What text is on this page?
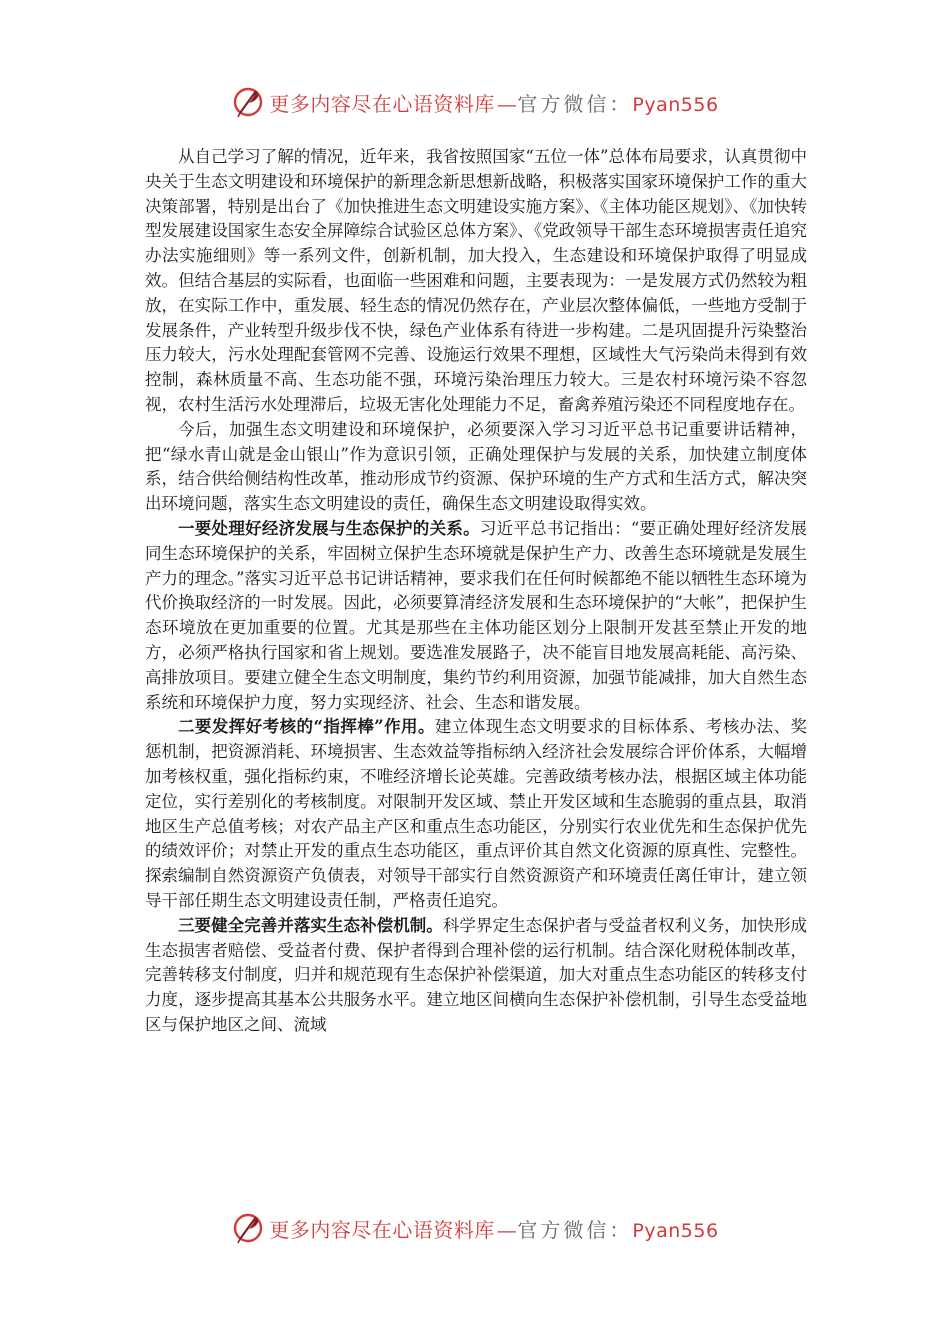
更多内容尽在心语资料库 —官方微信：Pyan556

从自己学习了解的情况，近年来，我省按照国家“五位一体”总体布局要求，认真贯彻中央关于生态文明建设和环境保护的新理念新思想新战略，积极落实国家环境保护工作的重大决策部署，特别是出台了《加快推进生态文明建设实施方案》、《主体功能区规划》、《加快转型发展建设国家生态安全屏障综合试验区总体方案》、《党政领导干部生态环境损害责任追究办法实施细则》等一系列文件，创新机制，加大投入，生态建设和环境保护取得了明显成效。但结合基层的实际看，也面临一些困难和问题，主要表现为：一是发展方式仍然较为粗放，在实际工作中，重发展、轻生态的情况仍然存在，产业层次整体偏低，一些地方受制于发展条件，产业转型升级步伐不快，绿色产业体系有待进一步构建。二是巩固提升污染整治压力较大，污水处理配套管网不完善、设施运行效果不理想，区域性大气污染尚未得到有效控制，森林质量不高、生态功能不强，环境污染治理压力较大。三是农村环境污染不容忽视，农村生活污水处理滞后，垃圾无害化处理能力不足，畜禽养殖污染还不同程度地存在。

今后，加强生态文明建设和环境保护，必须要深入学习习近平总书记重要讲话精神，把“绿水青山就是金山银山”作为意识引领，正确处理保护与发展的关系，加快建立制度体系，结合供给侧结构性改革，推动形成节约资源、保护环境的生产方式和生活方式，解决突出环境问题，落实生态文明建设的责任，确保生态文明建设取得实效。

一要处理好经济发展与生态保护的关系。习近平总书记指出：“要正确处理好经济发展同生态环境保护的关系，牢固树立保护生态环境就是保护生产力、改善生态环境就是发展生产力的理念。”落实习近平总书记讲话精神，要求我们在任何时候都绝不能以牺牲生态环境为代价换取经济的一时发展。因此，必须要算清经济发展和生态环境保护的“大帐”，把保护生态环境放在更加重要的位置。尤其是那些在主体功能区划分上限制开发甚至禁止开发的地方，必须严格执行国家和省上规划。要选准发展路子，决不能盲目地发展高耗能、高污染、高排放项目。要建立健全生态文明制度，集约节约利用资源，加强节能减排，加大自然生态系统和环境保护力度，努力实现经济、社会、生态和谐发展。

二要发挥好考核的“指挥棒”作用。建立体现生态文明要求的目标体系、考核办法、奖惩机制，把资源消耗、环境损害、生态效益等指标纳入经济社会发展综合评价体系，大幅增加考核权重，强化指标约束，不唯经济增长论英雄。完善政绩考核办法，根据区域主体功能定位，实行差别化的考核制度。对限制开发区域、禁止开发区域和生态脆弱的重点县，取消地区生产总值考核；对农产品主产区和重点生态功能区，分别实行农业优先和生态保护优先的绩效评价；对禁止开发的重点生态功能区，重点评价其自然文化资源的原真性、完整性。探索编制自然资源资产负债表，对领导干部实行自然资源资产和环境责任离任审计，建立领导干部任期生态文明建设责任制，严格责任追究。

三要健全完善并落实生态补偿机制。科学界定生态保护者与受益者权利义务，加快形成生态损害者赔偿、受益者付费、保护者得到合理补偿的运行机制。结合深化财税体制改革，完善转移支付制度，归并和规范现有生态保护补偿渠道，加大对重点生态功能区的转移支付力度，逐步提高其基本公共服务水平。建立地区间横向生态保护补偿机制，引导生态受益地区与保护地区之间、流域

更多内容尽在心语资料库 —官方微信：Pyan556
